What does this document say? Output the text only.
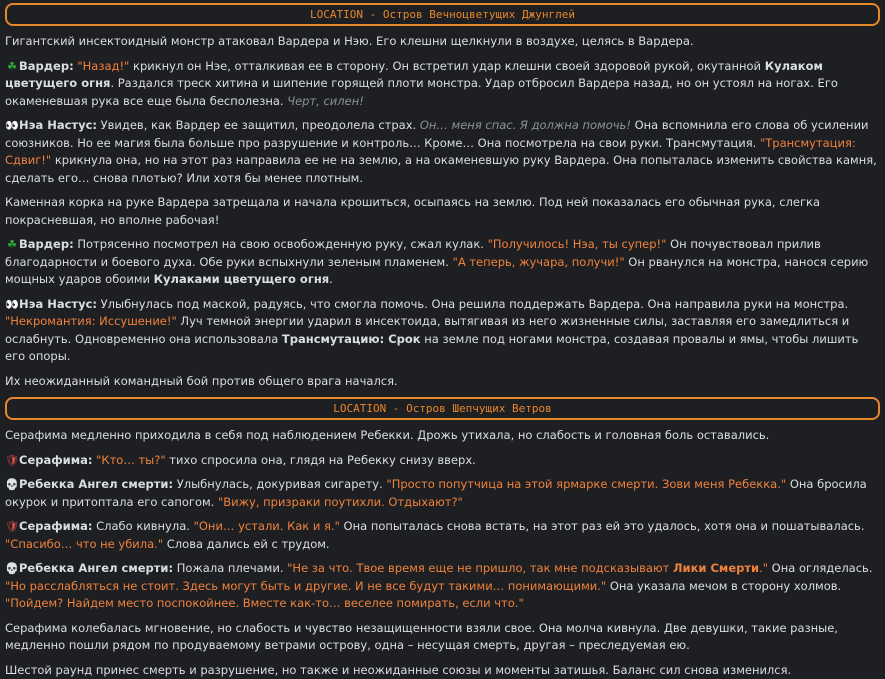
LOCATION - Остров Вечноцветущих Джунглей

Гигантский инсектоидный монстр атаковал Вардера и Нэю. Его клешни щелкнули в воздухе, целясь в Вардера.

☘ Вардер: "Назад!" крикнул он Нэе, отталкивая ее в сторону. Он встретил удар клешни своей здоровой рукой, окутанной Кулаком цветущего огня. Раздался треск хитина и шипение горящей плоти монстра. Удар отбросил Вардера назад, но он устоял на ногах. Его окаменевшая рука все еще была бесполезна. Черт, силен!

👀Нэа Настус: Увидев, как Вардер ее защитил, преодолела страх. Он… меня спас. Я должна помочь! Она вспомнила его слова об усилении союзников. Но ее магия была больше про разрушение и контроль… Кроме… Она посмотрела на свои руки. Трансмутация. "Трансмутация: Сдвиг!" крикнула она, но на этот раз направила ее не на землю, а на окаменевшую руку Вардера. Она попыталась изменить свойства камня, сделать его… снова плотью? Или хотя бы менее плотным.

Каменная корка на руке Вардера затрещала и начала крошиться, осыпаясь на землю. Под ней показалась его обычная рука, слегка покрасневшая, но вполне рабочая!

☘ Вардер: Потрясенно посмотрел на свою освобожденную руку, сжал кулак. "Получилось! Нэа, ты супер!" Он почувствовал прилив благодарности и боевого духа. Обе руки вспыхнули зеленым пламенем. "А теперь, жучара, получи!" Он рванулся на монстра, нанося серию мощных ударов обоими Кулаками цветущего огня.

👀Нэа Настус: Улыбнулась под маской, радуясь, что смогла помочь. Она решила поддержать Вардера. Она направила руки на монстра. "Некромантия: Иссушение!" Луч темной энергии ударил в инсектоида, вытягивая из него жизненные силы, заставляя его замедлиться и ослабнуть. Одновременно она использовала Трансмутацию: Срок на земле под ногами монстра, создавая провалы и ямы, чтобы лишить его опоры.

Их неожиданный командный бой против общего врага начался.

LOCATION - Остров Шепчущих Ветров

Серафима медленно приходила в себя под наблюдением Ребекки. Дрожь утихала, но слабость и головная боль оставались.

🛡Серафима: "Кто… ты?" тихо спросила она, глядя на Ребекку снизу вверх.

💀Ребекка Ангел смерти: Улыбнулась, докуривая сигарету. "Просто попутчица на этой ярмарке смерти. Зови меня Ребекка." Она бросила окурок и притоптала его сапогом. "Вижу, призраки поутихли. Отдыхают?"

🛡Серафима: Слабо кивнула. "Они… устали. Как и я." Она попыталась снова встать, на этот раз ей это удалось, хотя она и пошатывалась. "Спасибо… что не убила." Слова дались ей с трудом.

💀Ребекка Ангел смерти: Пожала плечами. "Не за что. Твое время еще не пришло, так мне подсказывают Лики Смерти." Она огляделась. "Но расслабляться не стоит. Здесь могут быть и другие. И не все будут такими… понимающими." Она указала мечом в сторону холмов. "Пойдем? Найдем место поспокойнее. Вместе как-то… веселее помирать, если что."

Серафима колебалась мгновение, но слабость и чувство незащищенности взяли свое. Она молча кивнула. Две девушки, такие разные, медленно пошли рядом по продуваемому ветрами острову, одна – несущая смерть, другая – преследуемая ею.

Шестой раунд принес смерть и разрушение, но также и неожиданные союзы и моменты затишья. Баланс сил снова изменился.
